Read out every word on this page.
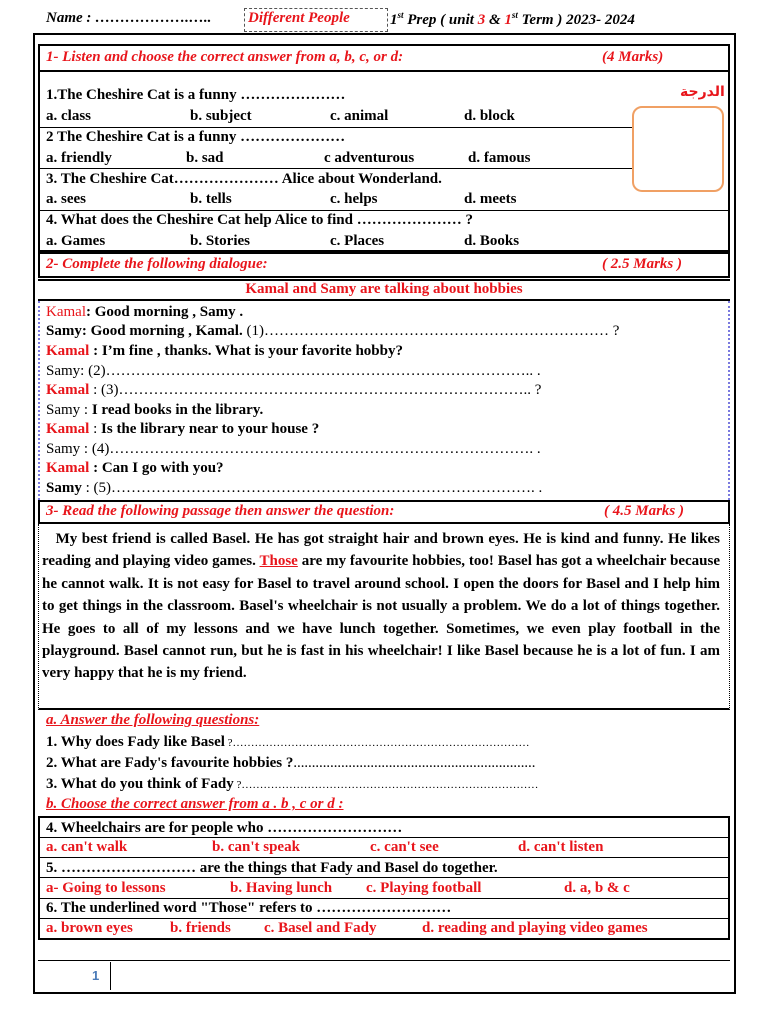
Name : ……………….….. Different People	1st Prep ( unit 3 & 1st Term ) 2023- 2024
1- Listen and choose the correct answer from a, b, c, or d:	(4 Marks)
الدرجة
1.The Cheshire Cat is a funny …………………
a. class	b. subject	c. animal	d. block
2 The Cheshire Cat is a funny …………………
a. friendly	b. sad	c adventurous	d. famous
3. The Cheshire Cat………………… Alice about Wonderland.
a. sees	b. tells	c. helps	d. meets
4. What does the Cheshire Cat help Alice to find ………………… ?
a. Games	b. Stories	c. Places	d. Books
2- Complete the following dialogue:	( 2.5 Marks )
Kamal and Samy are talking about hobbies
Kamal: Good morning , Samy .
Samy: Good morning , Kamal. (1)…………………………………………………………… ?
Kamal : I’m fine , thanks. What is your favorite hobby?
Samy: (2)………………………………………………………………………….. .
Kamal : (3)……………………………………………………………………….. ?
Samy : I read books in the library.
Kamal : Is the library near to your house ?
Samy : (4)…………………………………………………………………………. .
Kamal : Can I go with you?
Samy : (5)…………………………………………………………………………. .
3- Read the following passage then answer the question:	( 4.5 Marks )
My best friend is called Basel. He has got straight hair and brown eyes. He is kind and funny. He likes reading and playing video games. Those are my favourite hobbies, too! Basel has got a wheelchair because he cannot walk. It is not easy for Basel to travel around school. I open the doors for Basel and I help him to get things in the classroom. Basel's wheelchair is not usually a problem. We do a lot of things together. He goes to all of my lessons and we have lunch together. Sometimes, we even play football in the playground. Basel cannot run, but he is fast in his wheelchair! I like Basel because he is a lot of fun. I am very happy that he is my friend.
a. Answer the following questions:
1. Why does Fady like Basel ?………………………………………………………………………
2. What are Fady's favourite hobbies ?…………………………………………………………
3. What do you think of Fady ?………………………………………………………………………
b. Choose the correct answer from a . b , c or d :
4. Wheelchairs are for people who ………………………
a. can't walk	b. can't speak	c. can't see	d. can't listen
5. ……………………… are the things that Fady and Basel do together.
a- Going to lessons	b. Having lunch c. Playing football	d. a, b & c
6. The underlined word "Those" refers to ………………………
a. brown eyes b. friends c. Basel and Fady	d. reading and playing video games
1
